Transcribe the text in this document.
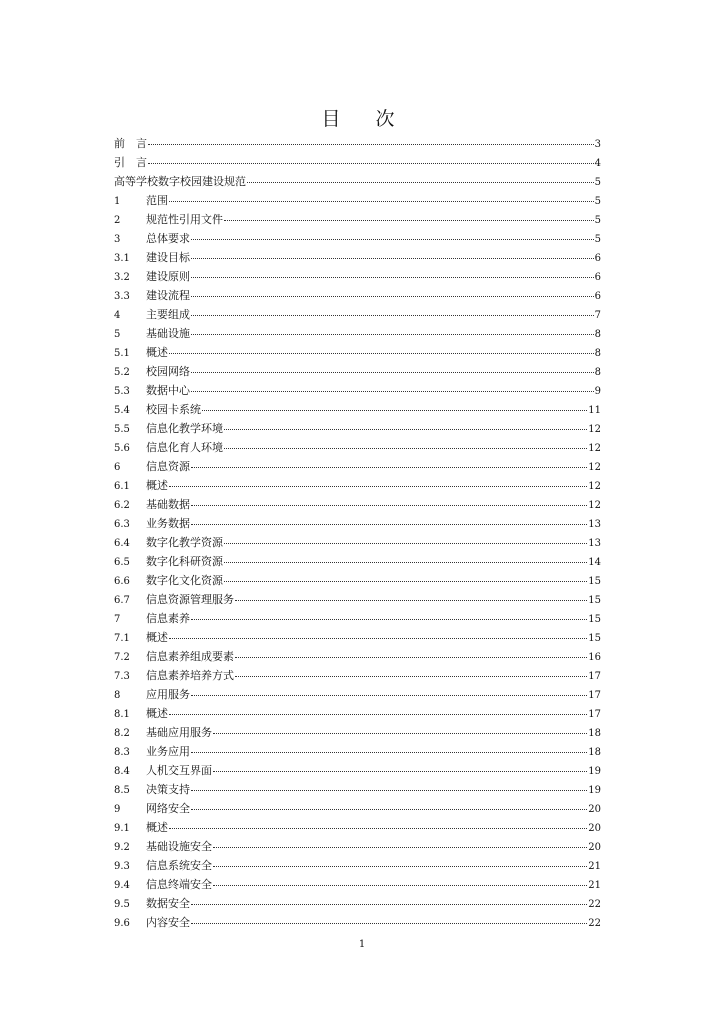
目　次
前　言	3
引　言	4
高等学校数字校园建设规范	5
1	范围	5
2	规范性引用文件	5
3	总体要求	5
3.1	建设目标	6
3.2	建设原则	6
3.3	建设流程	6
4	主要组成	7
5	基础设施	8
5.1	概述	8
5.2	校园网络	8
5.3	数据中心	9
5.4	校园卡系统	11
5.5	信息化教学环境	12
5.6	信息化育人环境	12
6	信息资源	12
6.1	概述	12
6.2	基础数据	12
6.3	业务数据	13
6.4	数字化教学资源	13
6.5	数字化科研资源	14
6.6	数字化文化资源	15
6.7	信息资源管理服务	15
7	信息素养	15
7.1	概述	15
7.2	信息素养组成要素	16
7.3	信息素养培养方式	17
8	应用服务	17
8.1	概述	17
8.2	基础应用服务	18
8.3	业务应用	18
8.4	人机交互界面	19
8.5	决策支持	19
9	网络安全	20
9.1	概述	20
9.2	基础设施安全	20
9.3	信息系统安全	21
9.4	信息终端安全	21
9.5	数据安全	22
9.6	内容安全	22
1
